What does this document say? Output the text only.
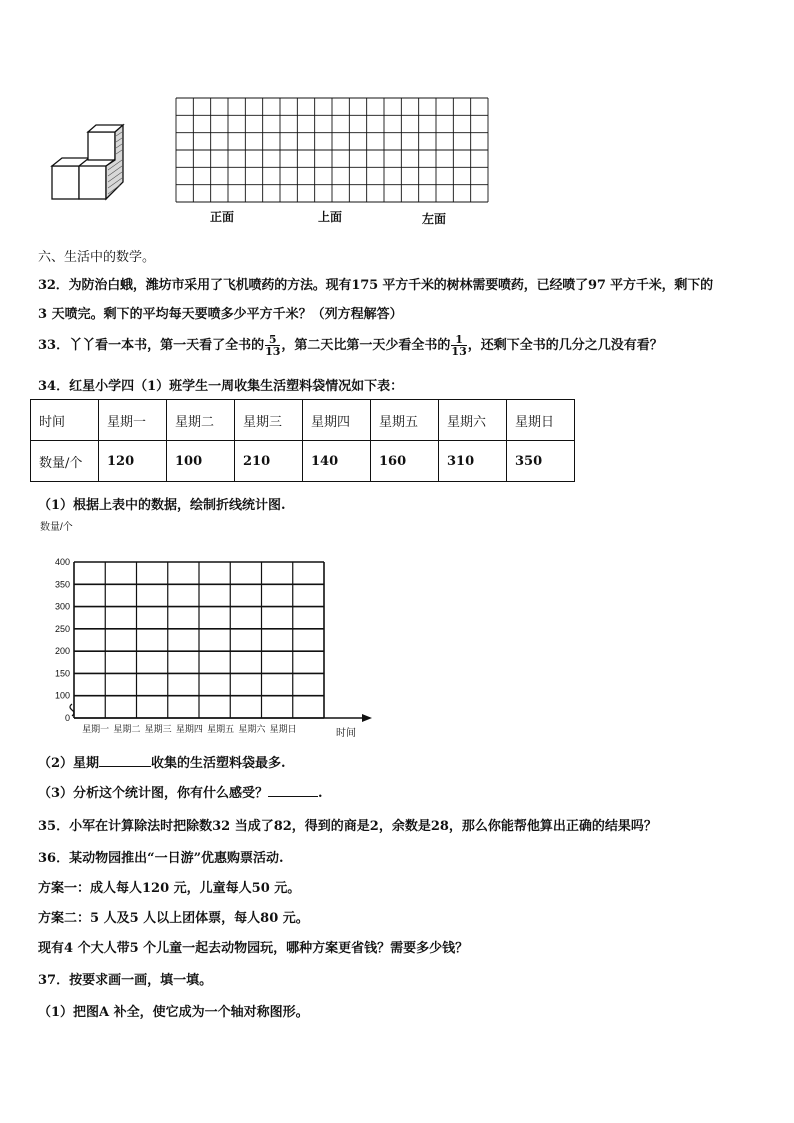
正面	上面	左面
六、生活中的数学。
32．为防治白蛾，潍坊市采用了飞机喷药的方法。现有175 平方千米的树林需要喷药，已经喷了97 平方千米，剩下的
3 天喷完。剩下的平均每天要喷多少平方千米？（列方程解答）
33．丫丫看一本书，第一天看了全书的 $\frac{5}{13}$ ，第二天比第一天少看全书的 $\frac{1}{13}$ ，还剩下全书的几分之几没有看？
34．红星小学四（1）班学生一周收集生活塑料袋情况如下表：
时间	星期一	星期二	星期三	星期四	星期五	星期六	星期日
数量/个	120	100	210	140	160	310	350
（1）根据上表中的数据，绘制折线统计图.
0
100
150
200
250
300
350
400
星期一 星期二 星期三 星期四 星期五 星期六 星期日
数量/个
时间
（2）星期	收集的生活塑料袋最多.
（3）分析这个统计图，你有什么感受？	.
35．小军在计算除法时把除数32 当成了82，得到的商是2，余数是28，那么你能帮他算出正确的结果吗？
36．某动物园推出“一日游”优惠购票活动.
方案一：成人每人120 元，儿童每人50 元。
方案二：5 人及5 人以上团体票，每人80 元。
现有4 个大人带5 个儿童一起去动物园玩，哪种方案更省钱？需要多少钱？
37．按要求画一画，填一填。
（1）把图A 补全，使它成为一个轴对称图形。
